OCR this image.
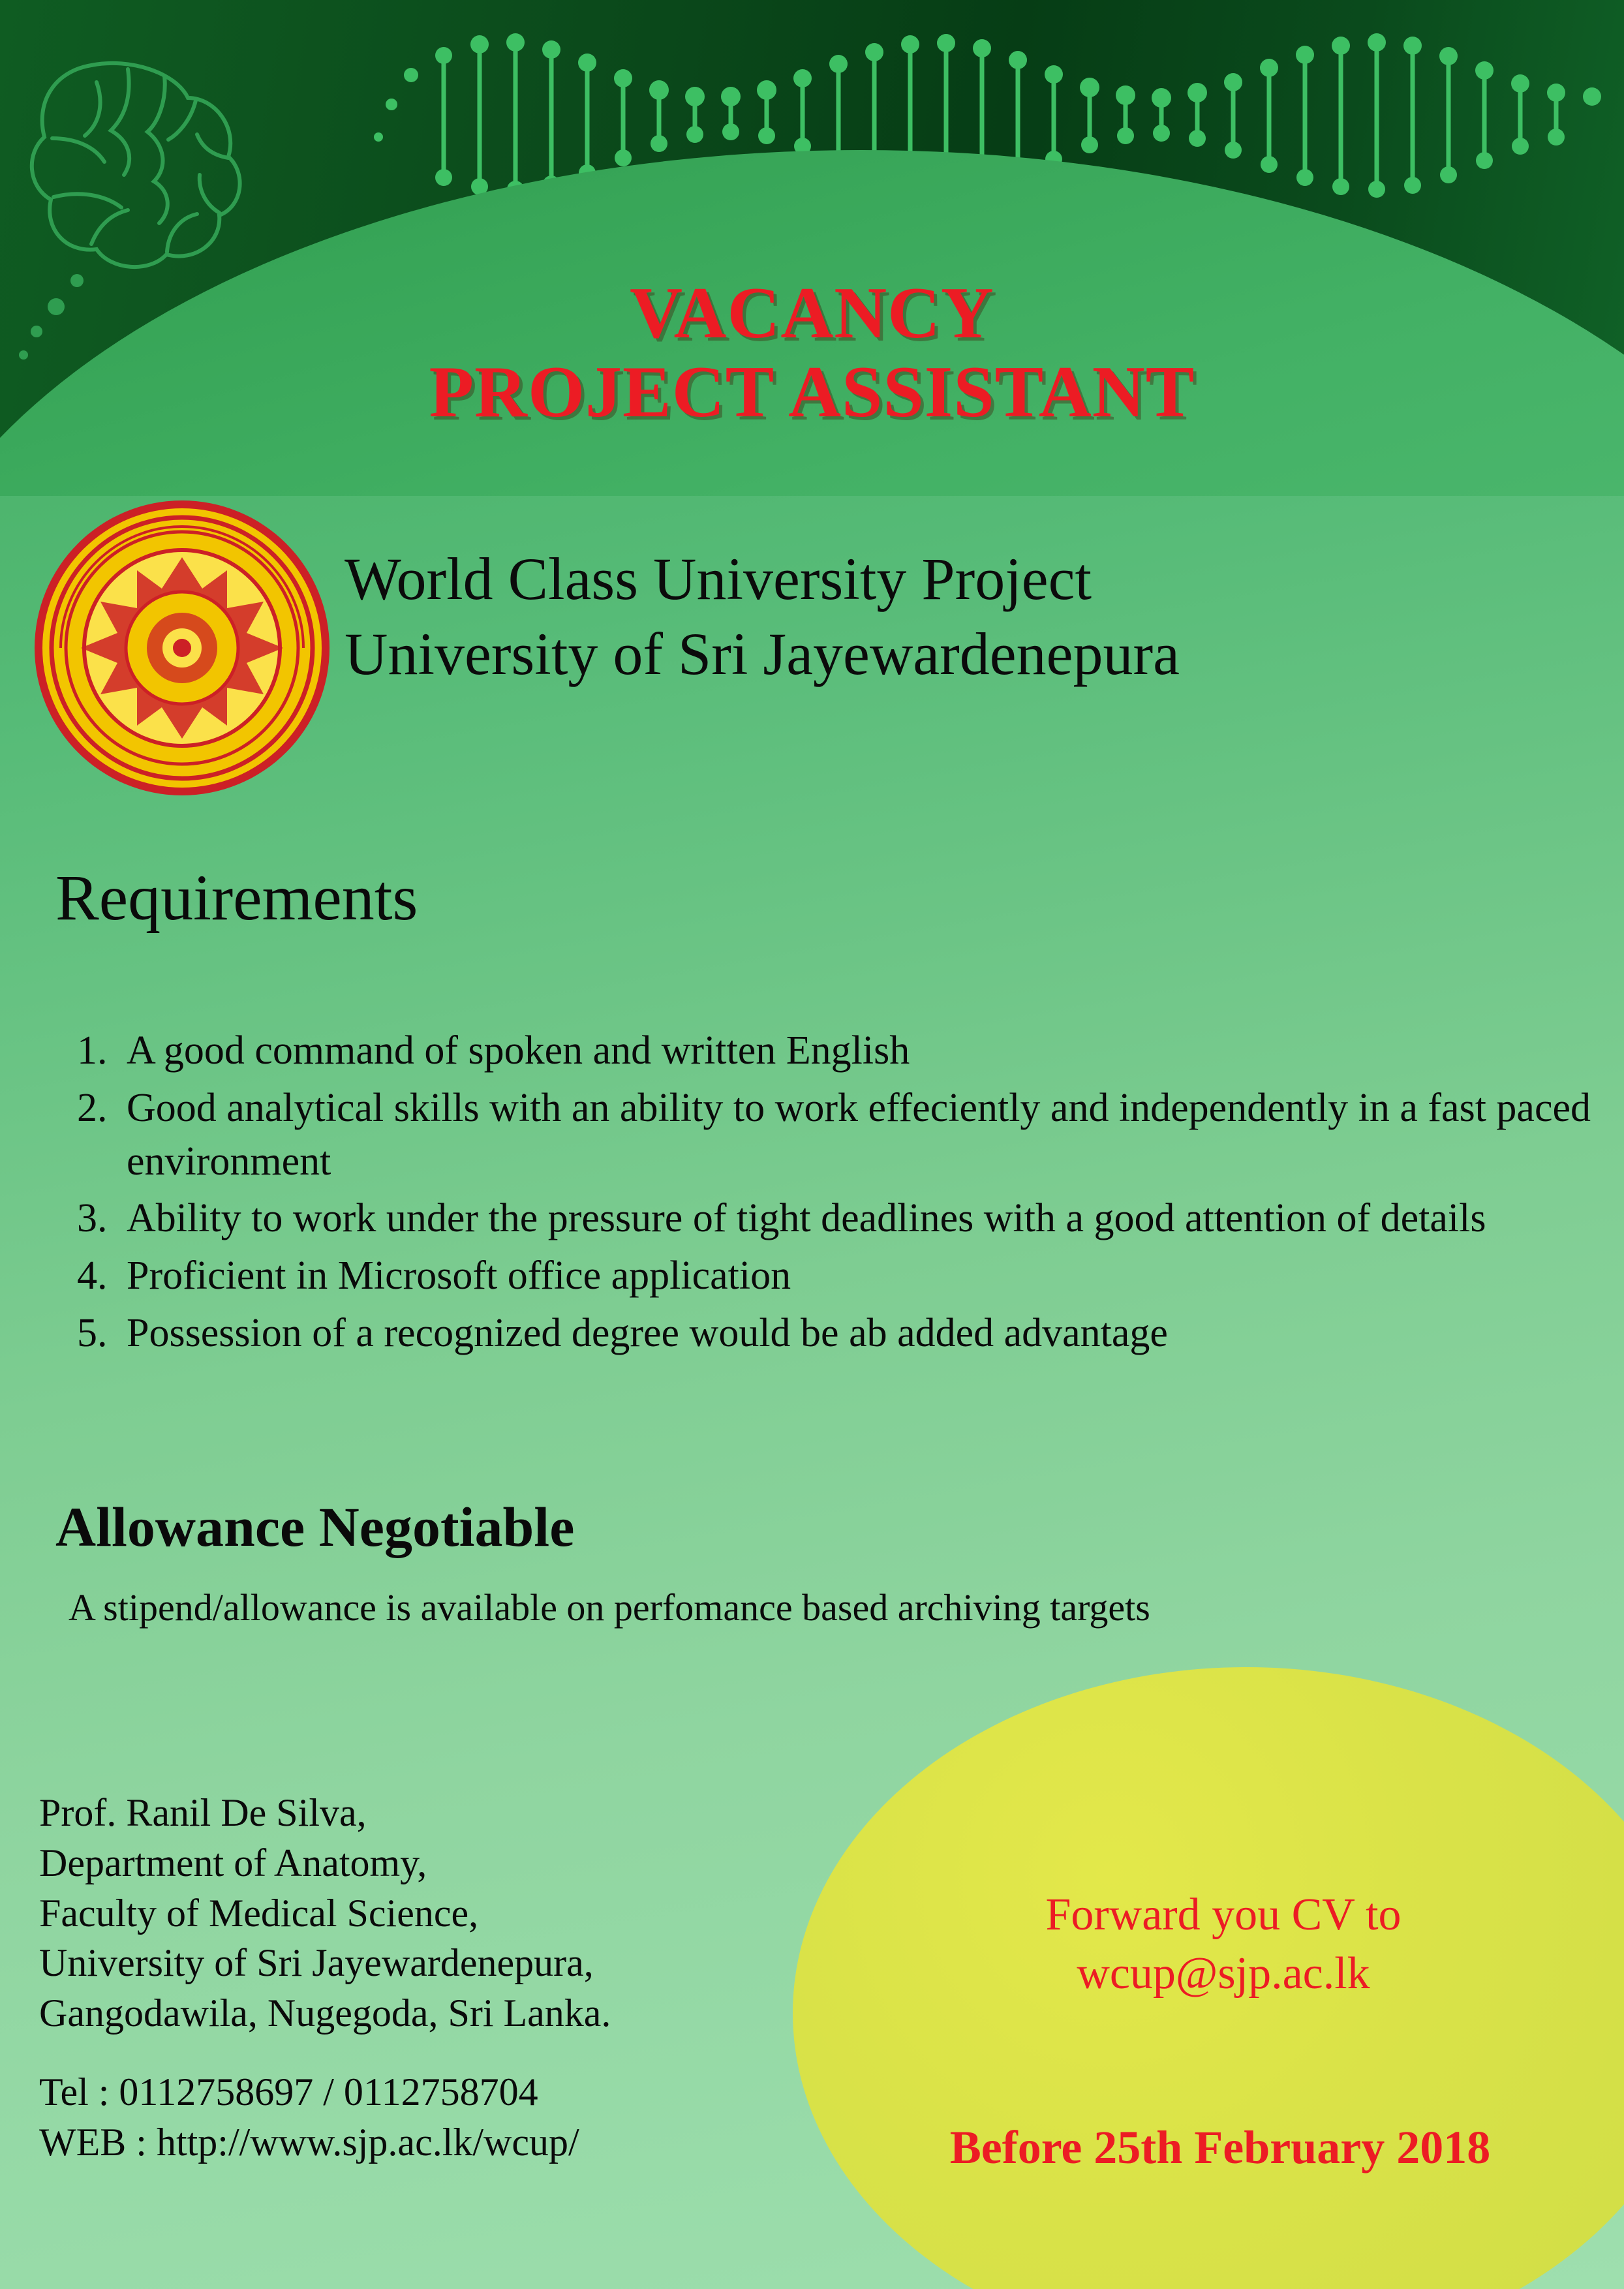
VACANCY
PROJECT ASSISTANT
World Class University Project
University of Sri Jayewardenepura
Requirements
1. A good command of spoken and written English
2. Good analytical skills with an ability to work effeciently and independently in a fast paced environment
3. Ability to work under the pressure of tight deadlines with a good attention of details
4. Proficient in Microsoft office application
5. Possession of a recognized degree would be ab added advantage
Allowance Negotiable
A stipend/allowance is available on perfomance based archiving targets
Prof. Ranil De Silva,
Department of Anatomy,
Faculty of Medical Science,
University of Sri Jayewardenepura,
Gangodawila, Nugegoda, Sri Lanka.
Tel : 0112758697 / 0112758704
WEB : http://www.sjp.ac.lk/wcup/
Forward you CV to
wcup@sjp.ac.lk
Before 25th February 2018
